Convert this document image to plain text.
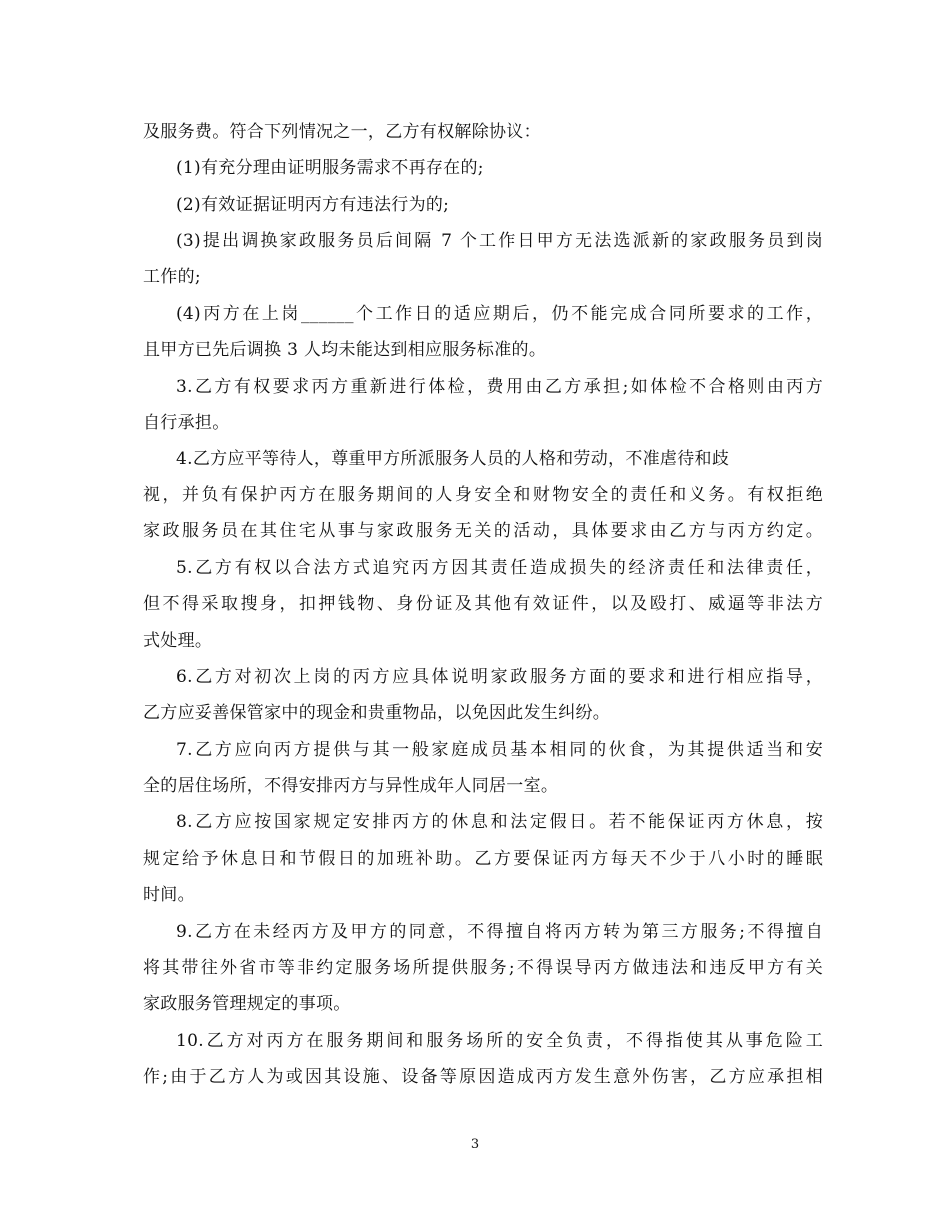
及服务费。符合下列情况之一，乙方有权解除协议：
(1)有充分理由证明服务需求不再存在的;
(2)有效证据证明丙方有违法行为的;
(3)提出调换家政服务员后间隔 7 个工作日甲方无法选派新的家政服务员到岗
工作的;
(4)丙方在上岗______个工作日的适应期后，仍不能完成合同所要求的工作，
且甲方已先后调换 3 人均未能达到相应服务标准的。
3.乙方有权要求丙方重新进行体检，费用由乙方承担;如体检不合格则由丙方
自行承担。
4.乙方应平等待人，尊重甲方所派服务人员的人格和劳动，不准虐待和歧
视，并负有保护丙方在服务期间的人身安全和财物安全的责任和义务。有权拒绝
家政服务员在其住宅从事与家政服务无关的活动，具体要求由乙方与丙方约定。
5.乙方有权以合法方式追究丙方因其责任造成损失的经济责任和法律责任，
但不得采取搜身，扣押钱物、身份证及其他有效证件，以及殴打、威逼等非法方
式处理。
6.乙方对初次上岗的丙方应具体说明家政服务方面的要求和进行相应指导，
乙方应妥善保管家中的现金和贵重物品，以免因此发生纠纷。
7.乙方应向丙方提供与其一般家庭成员基本相同的伙食，为其提供适当和安
全的居住场所，不得安排丙方与异性成年人同居一室。
8.乙方应按国家规定安排丙方的休息和法定假日。若不能保证丙方休息，按
规定给予休息日和节假日的加班补助。乙方要保证丙方每天不少于八小时的睡眠
时间。
9.乙方在未经丙方及甲方的同意，不得擅自将丙方转为第三方服务;不得擅自
将其带往外省市等非约定服务场所提供服务;不得误导丙方做违法和违反甲方有关
家政服务管理规定的事项。
10.乙方对丙方在服务期间和服务场所的安全负责，不得指使其从事危险工
作;由于乙方人为或因其设施、设备等原因造成丙方发生意外伤害，乙方应承担相
3
